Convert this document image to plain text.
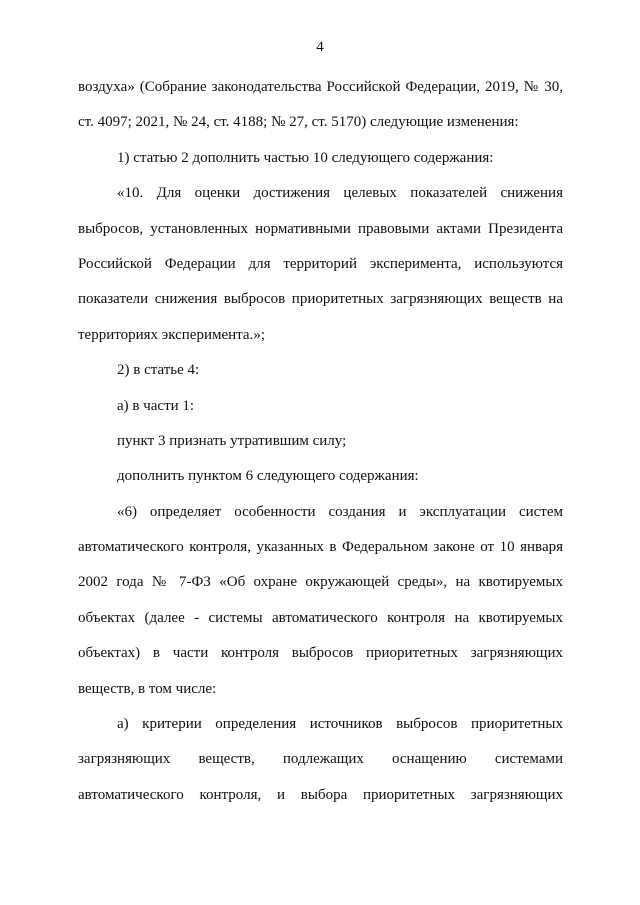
4
воздуха» (Собрание законодательства Российской Федерации, 2019, № 30,
ст. 4097; 2021, № 24, ст. 4188; № 27, ст. 5170) следующие изменения:
1) статью 2 дополнить частью 10 следующего содержания:
«10. Для оценки достижения целевых показателей снижения
выбросов, установленных нормативными правовыми актами Президента
Российской Федерации для территорий эксперимента, используются
показатели снижения выбросов приоритетных загрязняющих веществ на
территориях эксперимента.»;
2) в статье 4:
а) в части 1:
пункт 3 признать утратившим силу;
дополнить пунктом 6 следующего содержания:
«6) определяет особенности создания и эксплуатации систем
автоматического контроля, указанных в Федеральном законе от 10 января
2002 года № 7-ФЗ «Об охране окружающей среды», на квотируемых
объектах (далее - системы автоматического контроля на квотируемых
объектах) в части контроля выбросов приоритетных загрязняющих
веществ, в том числе:
а) критерии определения источников выбросов приоритетных
загрязняющих веществ, подлежащих оснащению системами
автоматического контроля, и выбора приоритетных загрязняющих
